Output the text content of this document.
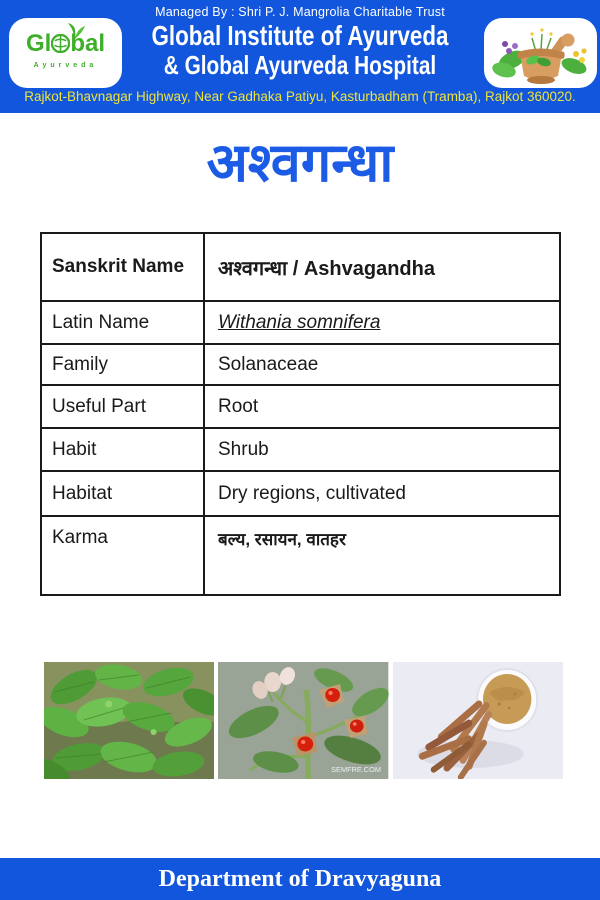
Managed By : Shri P. J. Mangrolia Charitable Trust
Global Institute of Ayurveda
& Global Ayurveda Hospital
Rajkot-Bhavnagar Highway, Near Gadhaka Patiyu, Kasturbadham (Tramba), Rajkot 360020.
Gl bal
Ayurveda
अश्वगन्धा
Sanskrit Name	अश्वगन्धा / Ashvagandha
Latin Name	Withania somnifera
Family	Solanaceae
Useful Part	Root
Habit	Shrub
Habitat	Dry regions, cultivated
Karma	बल्य, रसायन, वातहर
SEMFRE.COM
Department of Dravyaguna
